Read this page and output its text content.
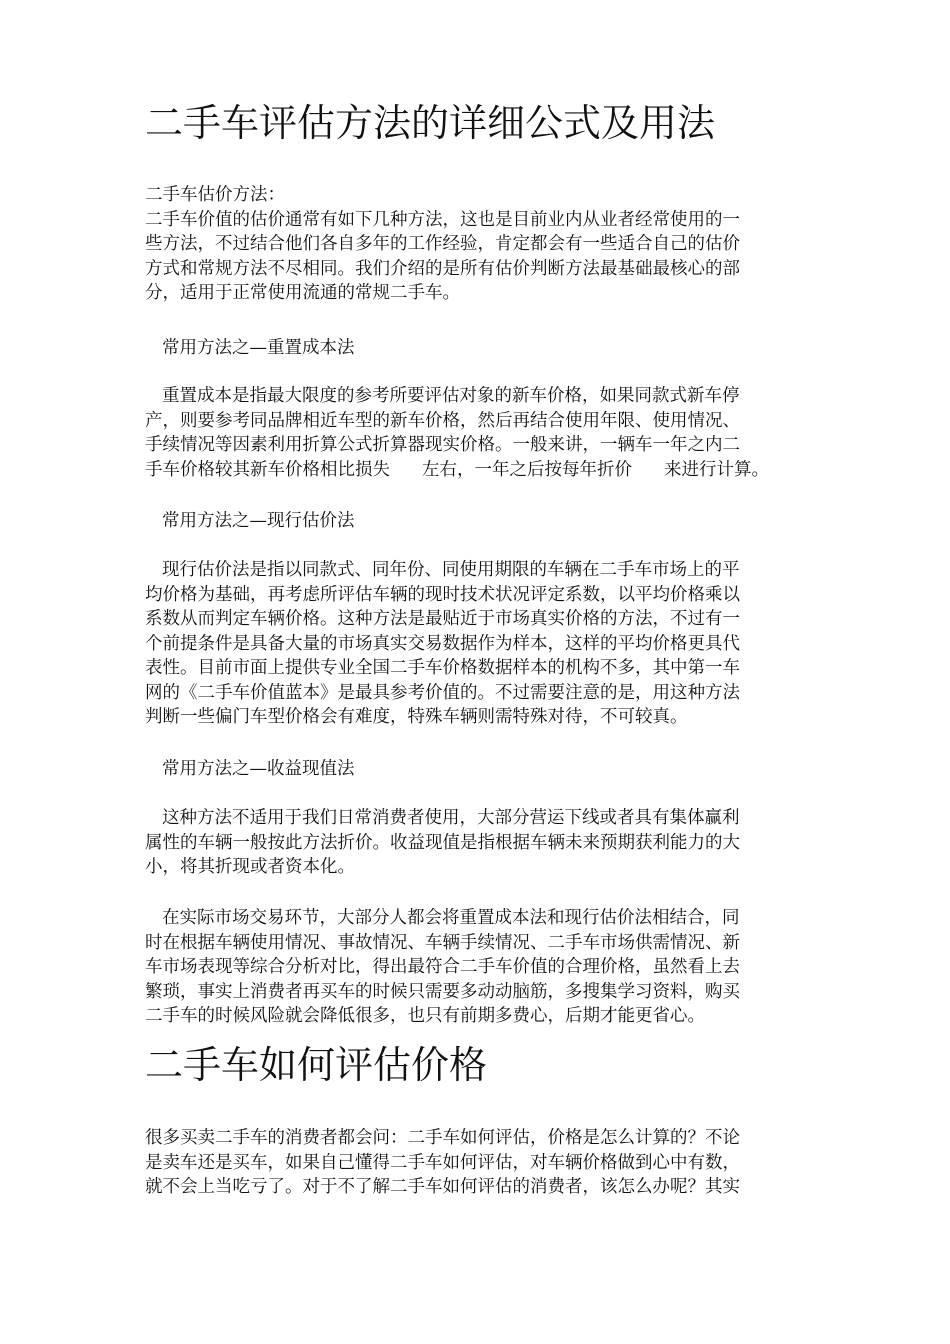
二手车评估方法的详细公式及用法
二手车估价方法：
二手车价值的估价通常有如下几种方法，这也是目前业内从业者经常使用的一
些方法，不过结合他们各自多年的工作经验，肯定都会有一些适合自己的估价
方式和常规方法不尽相同。我们介绍的是所有估价判断方法最基础最核心的部
分，适用于正常使用流通的常规二手车。
常用方法之—重置成本法
重置成本是指最大限度的参考所要评估对象的新车价格，如果同款式新车停
产，则要参考同品牌相近车型的新车价格，然后再结合使用年限、使用情况、
手续情况等因素利用折算公式折算器现实价格。一般来讲，一辆车一年之内二
手车价格较其新车价格相比损失 左右，一年之后按每年折价 来进行计算。
常用方法之—现行估价法
现行估价法是指以同款式、同年份、同使用期限的车辆在二手车市场上的平
均价格为基础，再考虑所评估车辆的现时技术状况评定系数，以平均价格乘以
系数从而判定车辆价格。这种方法是最贴近于市场真实价格的方法，不过有一
个前提条件是具备大量的市场真实交易数据作为样本，这样的平均价格更具代
表性。目前市面上提供专业全国二手车价格数据样本的机构不多，其中第一车
网的《二手车价值蓝本》是最具参考价值的。不过需要注意的是，用这种方法
判断一些偏门车型价格会有难度，特殊车辆则需特殊对待，不可较真。
常用方法之—收益现值法
这种方法不适用于我们日常消费者使用，大部分营运下线或者具有集体赢利
属性的车辆一般按此方法折价。收益现值是指根据车辆未来预期获利能力的大
小，将其折现或者资本化。
在实际市场交易环节，大部分人都会将重置成本法和现行估价法相结合，同
时在根据车辆使用情况、事故情况、车辆手续情况、二手车市场供需情况、新
车市场表现等综合分析对比，得出最符合二手车价值的合理价格，虽然看上去
繁琐，事实上消费者再买车的时候只需要多动动脑筋，多搜集学习资料，购买
二手车的时候风险就会降低很多，也只有前期多费心，后期才能更省心。
二手车如何评估价格
很多买卖二手车的消费者都会问：二手车如何评估，价格是怎么计算的？不论
是卖车还是买车，如果自己懂得二手车如何评估，对车辆价格做到心中有数，
就不会上当吃亏了。对于不了解二手车如何评估的消费者，该怎么办呢？其实
